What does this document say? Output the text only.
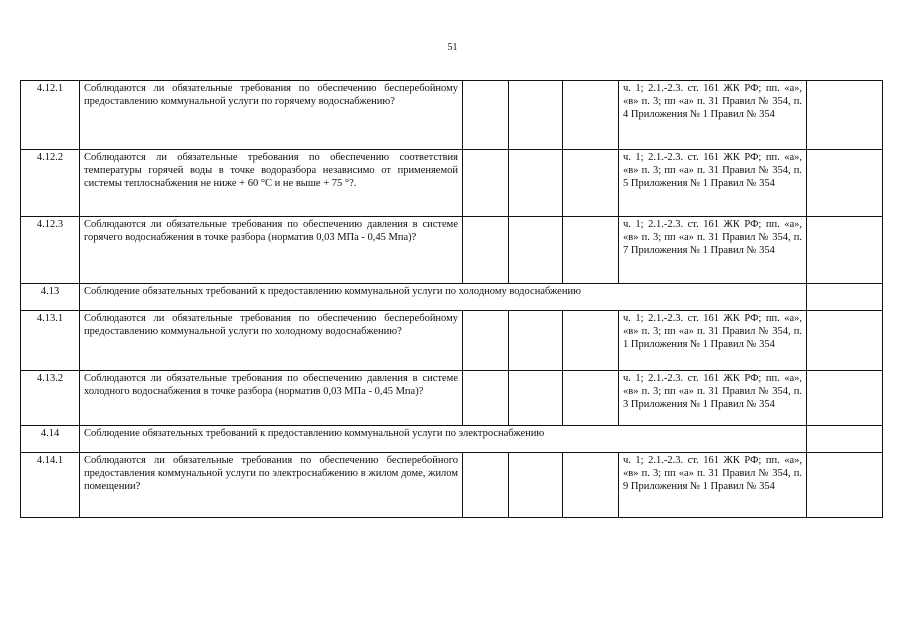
51
4.12.1	Соблюдаются ли обязательные требования по обеспечению бесперебойному предоставлению коммунальной услуги по горячему водоснабжению?				ч. 1; 2.1.-2.3. ст. 161 ЖК РФ; пп. «а», «в» п. 3; пп «а» п. 31 Правил № 354, п. 4 Приложения № 1 Правил № 354	
4.12.2	Соблюдаются ли обязательные требования по обеспечению соответствия температуры горячей воды в точке водоразбора независимо от применяемой системы теплоснабжения не ниже + 60 °С и не выше + 75 °?.				ч. 1; 2.1.-2.3. ст. 161 ЖК РФ; пп. «а», «в» п. 3; пп «а» п. 31 Правил № 354, п. 5 Приложения № 1 Правил № 354	
4.12.3	Соблюдаются ли обязательные требования по обеспечению давления в системе горячего водоснабжения в точке разбора (норматив 0,03 МПа - 0,45 Мпа)?				ч. 1; 2.1.-2.3. ст. 161 ЖК РФ; пп. «а», «в» п. 3; пп «а» п. 31 Правил № 354, п. 7 Приложения № 1 Правил № 354	
4.13	Соблюдение обязательных требований к предоставлению коммунальной услуги по холодному водоснабжению					
4.13.1	Соблюдаются ли обязательные требования по обеспечению бесперебойному предоставлению коммунальной услуги по холодному водоснабжению?				ч. 1; 2.1.-2.3. ст. 161 ЖК РФ; пп. «а», «в» п. 3; пп «а» п. 31 Правил № 354, п. 1 Приложения № 1 Правил № 354	
4.13.2	Соблюдаются ли обязательные требования по обеспечению давления в системе холодного водоснабжения в точке разбора (норматив 0,03 МПа - 0,45 Мпа)?				ч. 1; 2.1.-2.3. ст. 161 ЖК РФ; пп. «а», «в» п. 3; пп «а» п. 31 Правил № 354, п. 3 Приложения № 1 Правил № 354	
4.14	Соблюдение обязательных требований к предоставлению коммунальной услуги по электроснабжению					
4.14.1	Соблюдаются ли обязательные требования по обеспечению бесперебойного предоставления коммунальной услуги по электроснабжению в жилом доме, жилом помещении?				ч. 1; 2.1.-2.3. ст. 161 ЖК РФ; пп. «а», «в» п. 3; пп «а» п. 31 Правил № 354, п. 9 Приложения № 1 Правил № 354	
